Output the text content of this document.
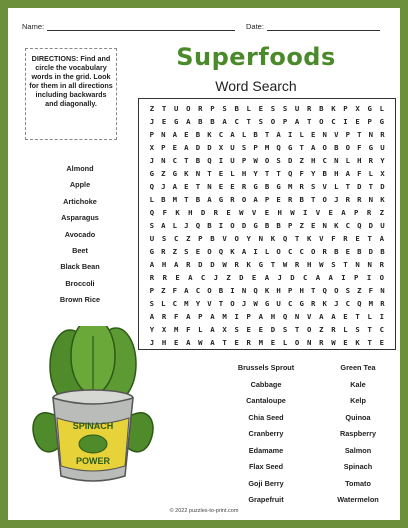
Name:	Date:
DIRECTIONS: Find and circle the vocabulary words in the grid. Look for them in all directions including backwards and diagonally.
Superfoods
Word Search
Almond
Apple
Artichoke
Asparagus
Avocado
Beet
Black Bean
Broccoli
Brown Rice
Z	T	U	O	R	P	S	B	L	E	S	S	U	R	B	K	P	X	G	L
J	E	G	A	B	B	A	C	T	S	O	P	A	T	O	C	I	E	P	G
P N A E B K C A L B T A I L E N V P T N R
X P E A D D X U S P M Q G T A O B O F G U
J N C T B Q I U P W O S D Z H C N L H R Y
G Z G K N T E L H Y T T Q F Y B H A F L X
Q J A E T N E E R G B G M R S V L T D T D
L B M T B A G R O A P E R B T O J R R N K
Q	F	K	H	D	R	E	W	V	E	H	W	I	V	E	A	P	R	Z
S A L J Q B I O D G B B P Z E N K C Q D U
U	S	C	Z	P	B	V	O	Y	N	K	Q	T	K	V	F	R	E	T	A
G R Z S E O Q K A I L O C C O R B E B D B
A	H	A	R	D	D	W	R	K	G	T	W	R	H	W	S	T	N	N	R
R	R	E	A	C	J	Z	D	E	A	J	D	C	A	A	I	P	I	O
P Z F A C O B I N Q K H P H T Q O S Z F N
S L C M Y V T O J W G U C G R K J C Q M R
A	R	F	A	P	A	M	I	P	A	H	Q	N	V	A	A	E	T	L	I
Y	X	M	F	L	A	X	S	E	E	D	S	T	O	Z	R	L	S	T	C
J	H	E	A	W	A	T	E	R	M	E	L	O	N	R	W	E	K	T	E
Brussels Sprout
Cabbage
Cantaloupe
Chia Seed
Cranberry
Edamame
Flax Seed
Goji Berry
Grapefruit
Green Tea
Kale
Kelp
Quinoa
Raspberry
Salmon
Spinach
Tomato
Watermelon
SPINACH
POWER
© 2022 puzzles-to-print.com
